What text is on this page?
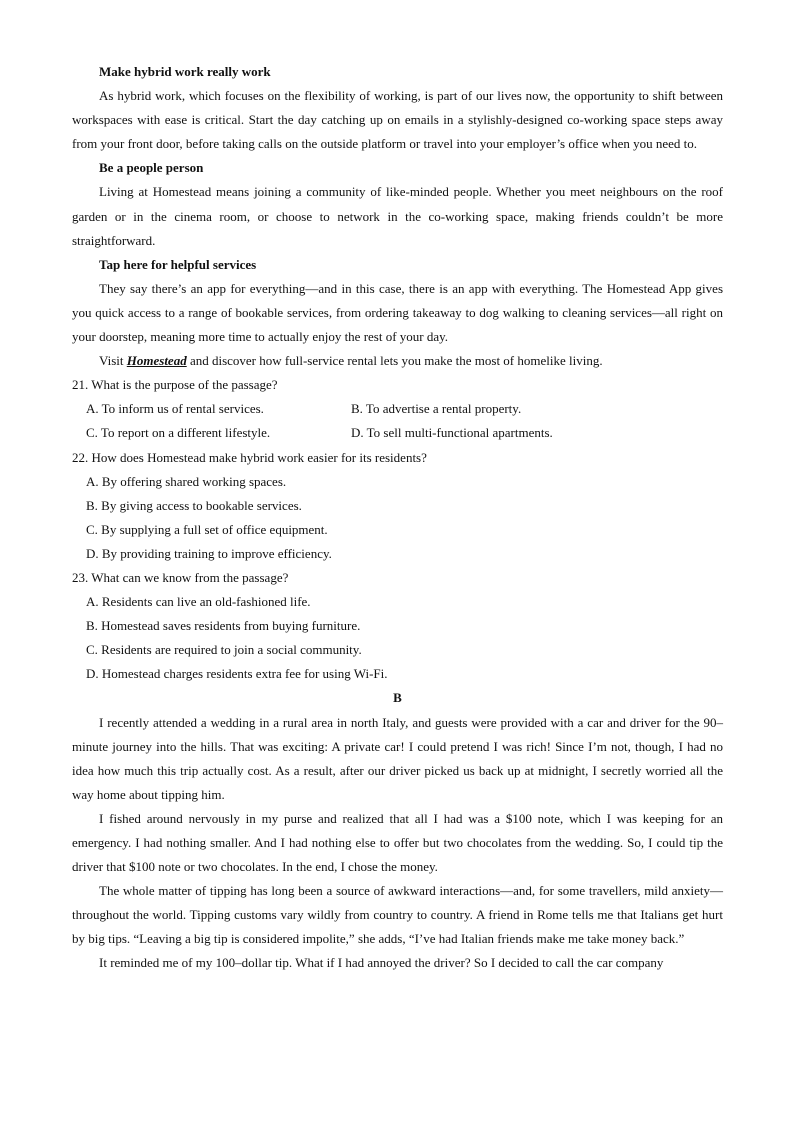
Make hybrid work really work

As hybrid work, which focuses on the flexibility of working, is part of our lives now, the opportunity to shift between workspaces with ease is critical. Start the day catching up on emails in a stylishly-designed co-working space steps away from your front door, before taking calls on the outside platform or travel into your employer’s office when you need to.

Be a people person

Living at Homestead means joining a community of like-minded people. Whether you meet neighbours on the roof garden or in the cinema room, or choose to network in the co-working space, making friends couldn’t be more straightforward.

Tap here for helpful services

They say there’s an app for everything—and in this case, there is an app with everything. The Homestead App gives you quick access to a range of bookable services, from ordering takeaway to dog walking to cleaning services—all right on your doorstep, meaning more time to actually enjoy the rest of your day.

Visit Homestead and discover how full-service rental lets you make the most of homelike living.

21. What is the purpose of the passage?

A. To inform us of rental services.	B. To advertise a rental property.
C. To report on a different lifestyle.	D. To sell multi-functional apartments.

22. How does Homestead make hybrid work easier for its residents?

A. By offering shared working spaces.

B. By giving access to bookable services.

C. By supplying a full set of office equipment.

D. By providing training to improve efficiency.

23. What can we know from the passage?

A. Residents can live an old-fashioned life.

B. Homestead saves residents from buying furniture.

C. Residents are required to join a social community.

D. Homestead charges residents extra fee for using Wi-Fi.

B

I recently attended a wedding in a rural area in north Italy, and guests were provided with a car and driver for the 90–minute journey into the hills. That was exciting: A private car! I could pretend I was rich! Since I’m not, though, I had no idea how much this trip actually cost. As a result, after our driver picked us back up at midnight, I secretly worried all the way home about tipping him.

I fished around nervously in my purse and realized that all I had was a $100 note, which I was keeping for an emergency. I had nothing smaller. And I had nothing else to offer but two chocolates from the wedding. So, I could tip the driver that $100 note or two chocolates. In the end, I chose the money.

The whole matter of tipping has long been a source of awkward interactions—and, for some travellers, mild anxiety—throughout the world. Tipping customs vary wildly from country to country. A friend in Rome tells me that Italians get hurt by big tips. “Leaving a big tip is considered impolite,” she adds, “I’ve had Italian friends make me take money back.”

It reminded me of my 100–dollar tip. What if I had annoyed the driver? So I decided to call the car company
